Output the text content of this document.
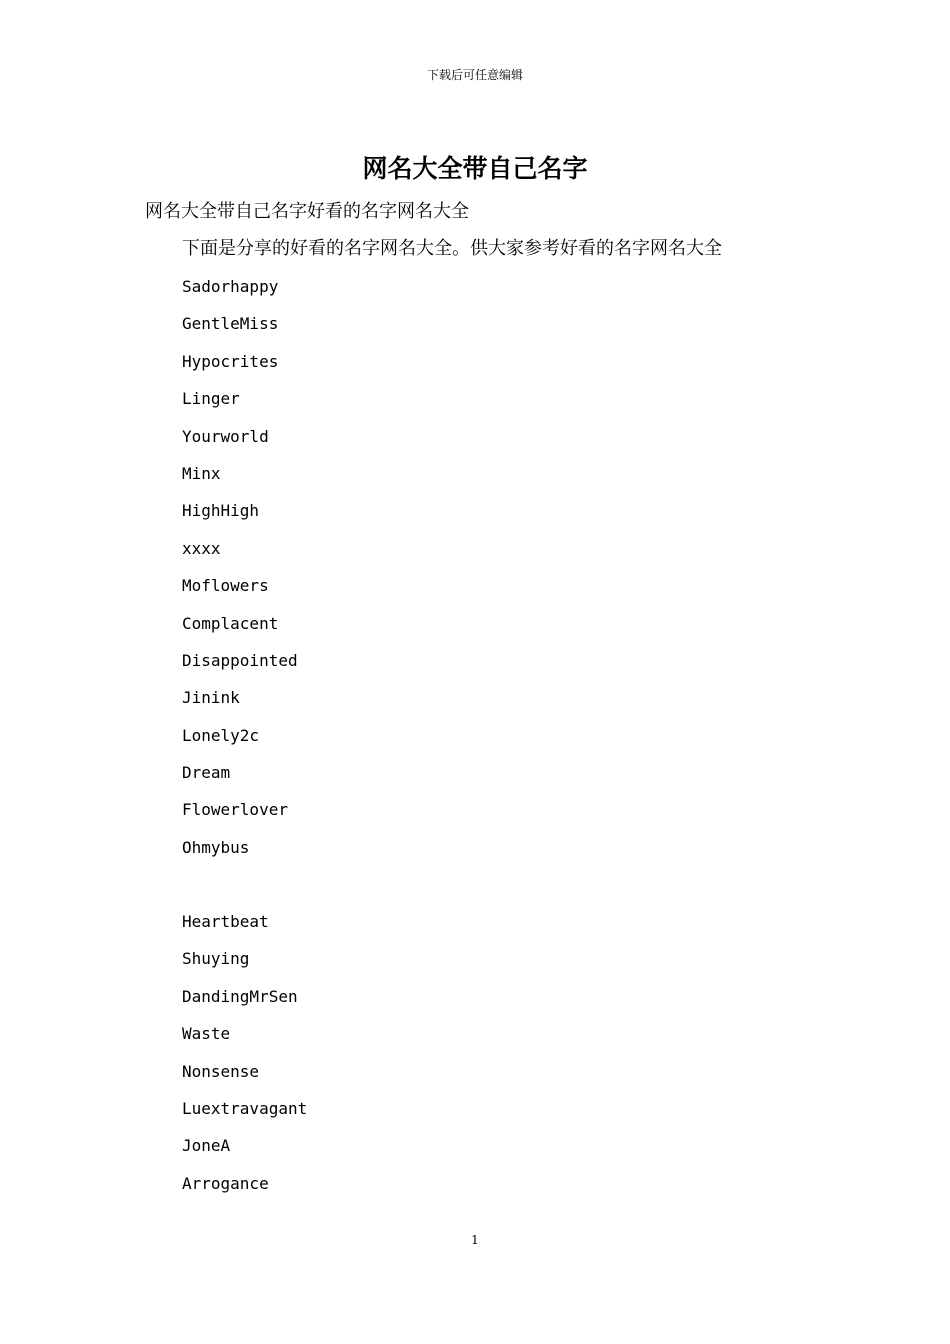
下载后可任意编辑
网名大全带自己名字
网名大全带自己名字好看的名字网名大全
下面是分享的好看的名字网名大全。供大家参考好看的名字网名大全
Sadorhappy
GentleMiss
Hypocrites
Linger
Yourworld
Minx
HighHigh
xxxx
Moflowers
Complacent
Disappointed
Jinink
Lonely2c
Dream
Flowerlover
Ohmybus
Heartbeat
Shuying
DandingMrSen
Waste
Nonsense
Luextravagant
JoneA
Arrogance
1
